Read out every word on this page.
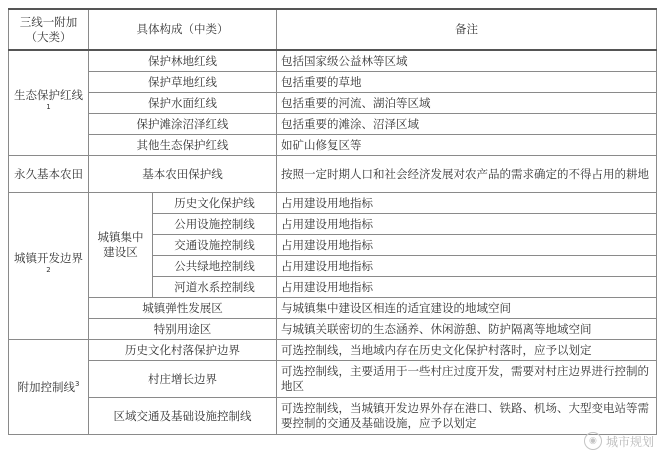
三线一附加（大类）	具体构成（中类）		备注
生态保护红线$^1$	保护林地红线		包括国家级公益林等区域
	保护草地红线		包括重要的草地
	保护水面红线		包括重要的河流、湖泊等区域
	保护滩涂沼泽红线		包括重要的滩涂、沼泽区域
	其他生态保护红线		如矿山修复区等
永久基本农田	基本农田保护线		按照一定时期人口和社会经济发展对农产品的需求确定的不得占用的耕地
城镇开发边界$^2$	城镇集中建设区	历史文化保护线	占用建设用地指标
		公用设施控制线	占用建设用地指标
		交通设施控制线	占用建设用地指标
		公共绿地控制线	占用建设用地指标
		河道水系控制线	占用建设用地指标
	城镇弹性发展区		与城镇集中建设区相连的适宜建设的地域空间
	特别用途区		与城镇关联密切的生态涵养、休闲游憩、防护隔离等地域空间
附加控制线$^3$	历史文化村落保护边界		可选控制线，当地域内存在历史文化保护村落时，应予以划定
	村庄增长边界		可选控制线，主要适用于一些村庄过度开发，需要对村庄边界进行控制的地区
	区域交通及基础设施控制线		可选控制线，当城镇开发边界外存在港口、铁路、机场、大型变电站等需要控制的交通及基础设施，应予以划定
◉ 城市规划
